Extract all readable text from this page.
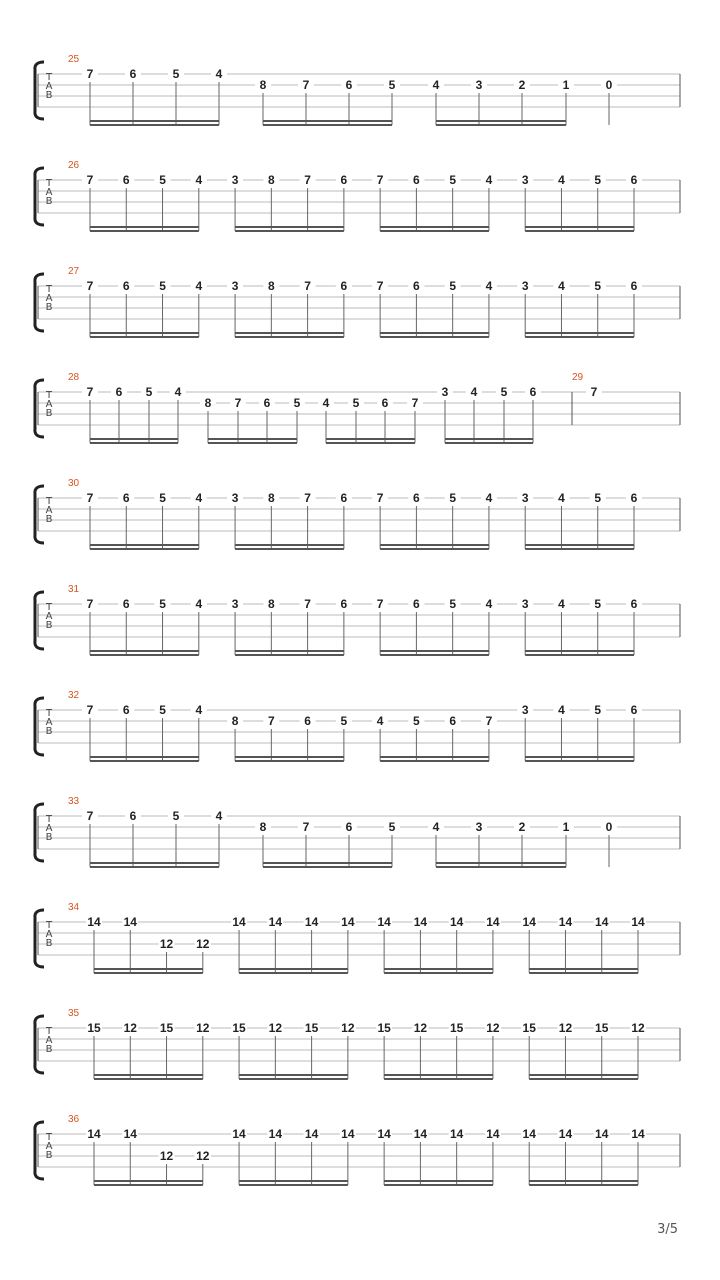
T
A
B
25
7	6	5	4
8	7	6	5	4	3	2	1	0
T
A
B
26
7 6 5 4 3 8 7 6 7 6 5 4 3 4 5 6
T
A
B
27
7 6 5 4 3 8 7 6 7 6 5 4 3 4 5 6
T
A
B
28
7 6 5 4
8 7 6 5 4 5 6 7
3 4 5 6
29
7
T
A
B
30
7 6 5 4 3 8 7 6 7 6 5 4 3 4 5 6
T
A
B
31
7 6 5 4 3 8 7 6 7 6 5 4 3 4 5 6
T
A
B
32
7 6 5 4
8 7 6 5 4 5 6 7
3 4 5 6
T
A
B
33
7	6	5	4
8	7	6	5	4	3	2	1	0
T
A
B
34
14 14
12 12
14 14 14 14 14 14 14 14 14 14 14 14
T
A
B
35
15 12 15 12 15 12 15 12 15 12 15 12 15 12 15 12
T
A
B
36
14 14
12 12
14 14 14 14 14 14 14 14 14 14 14 14
3/5
